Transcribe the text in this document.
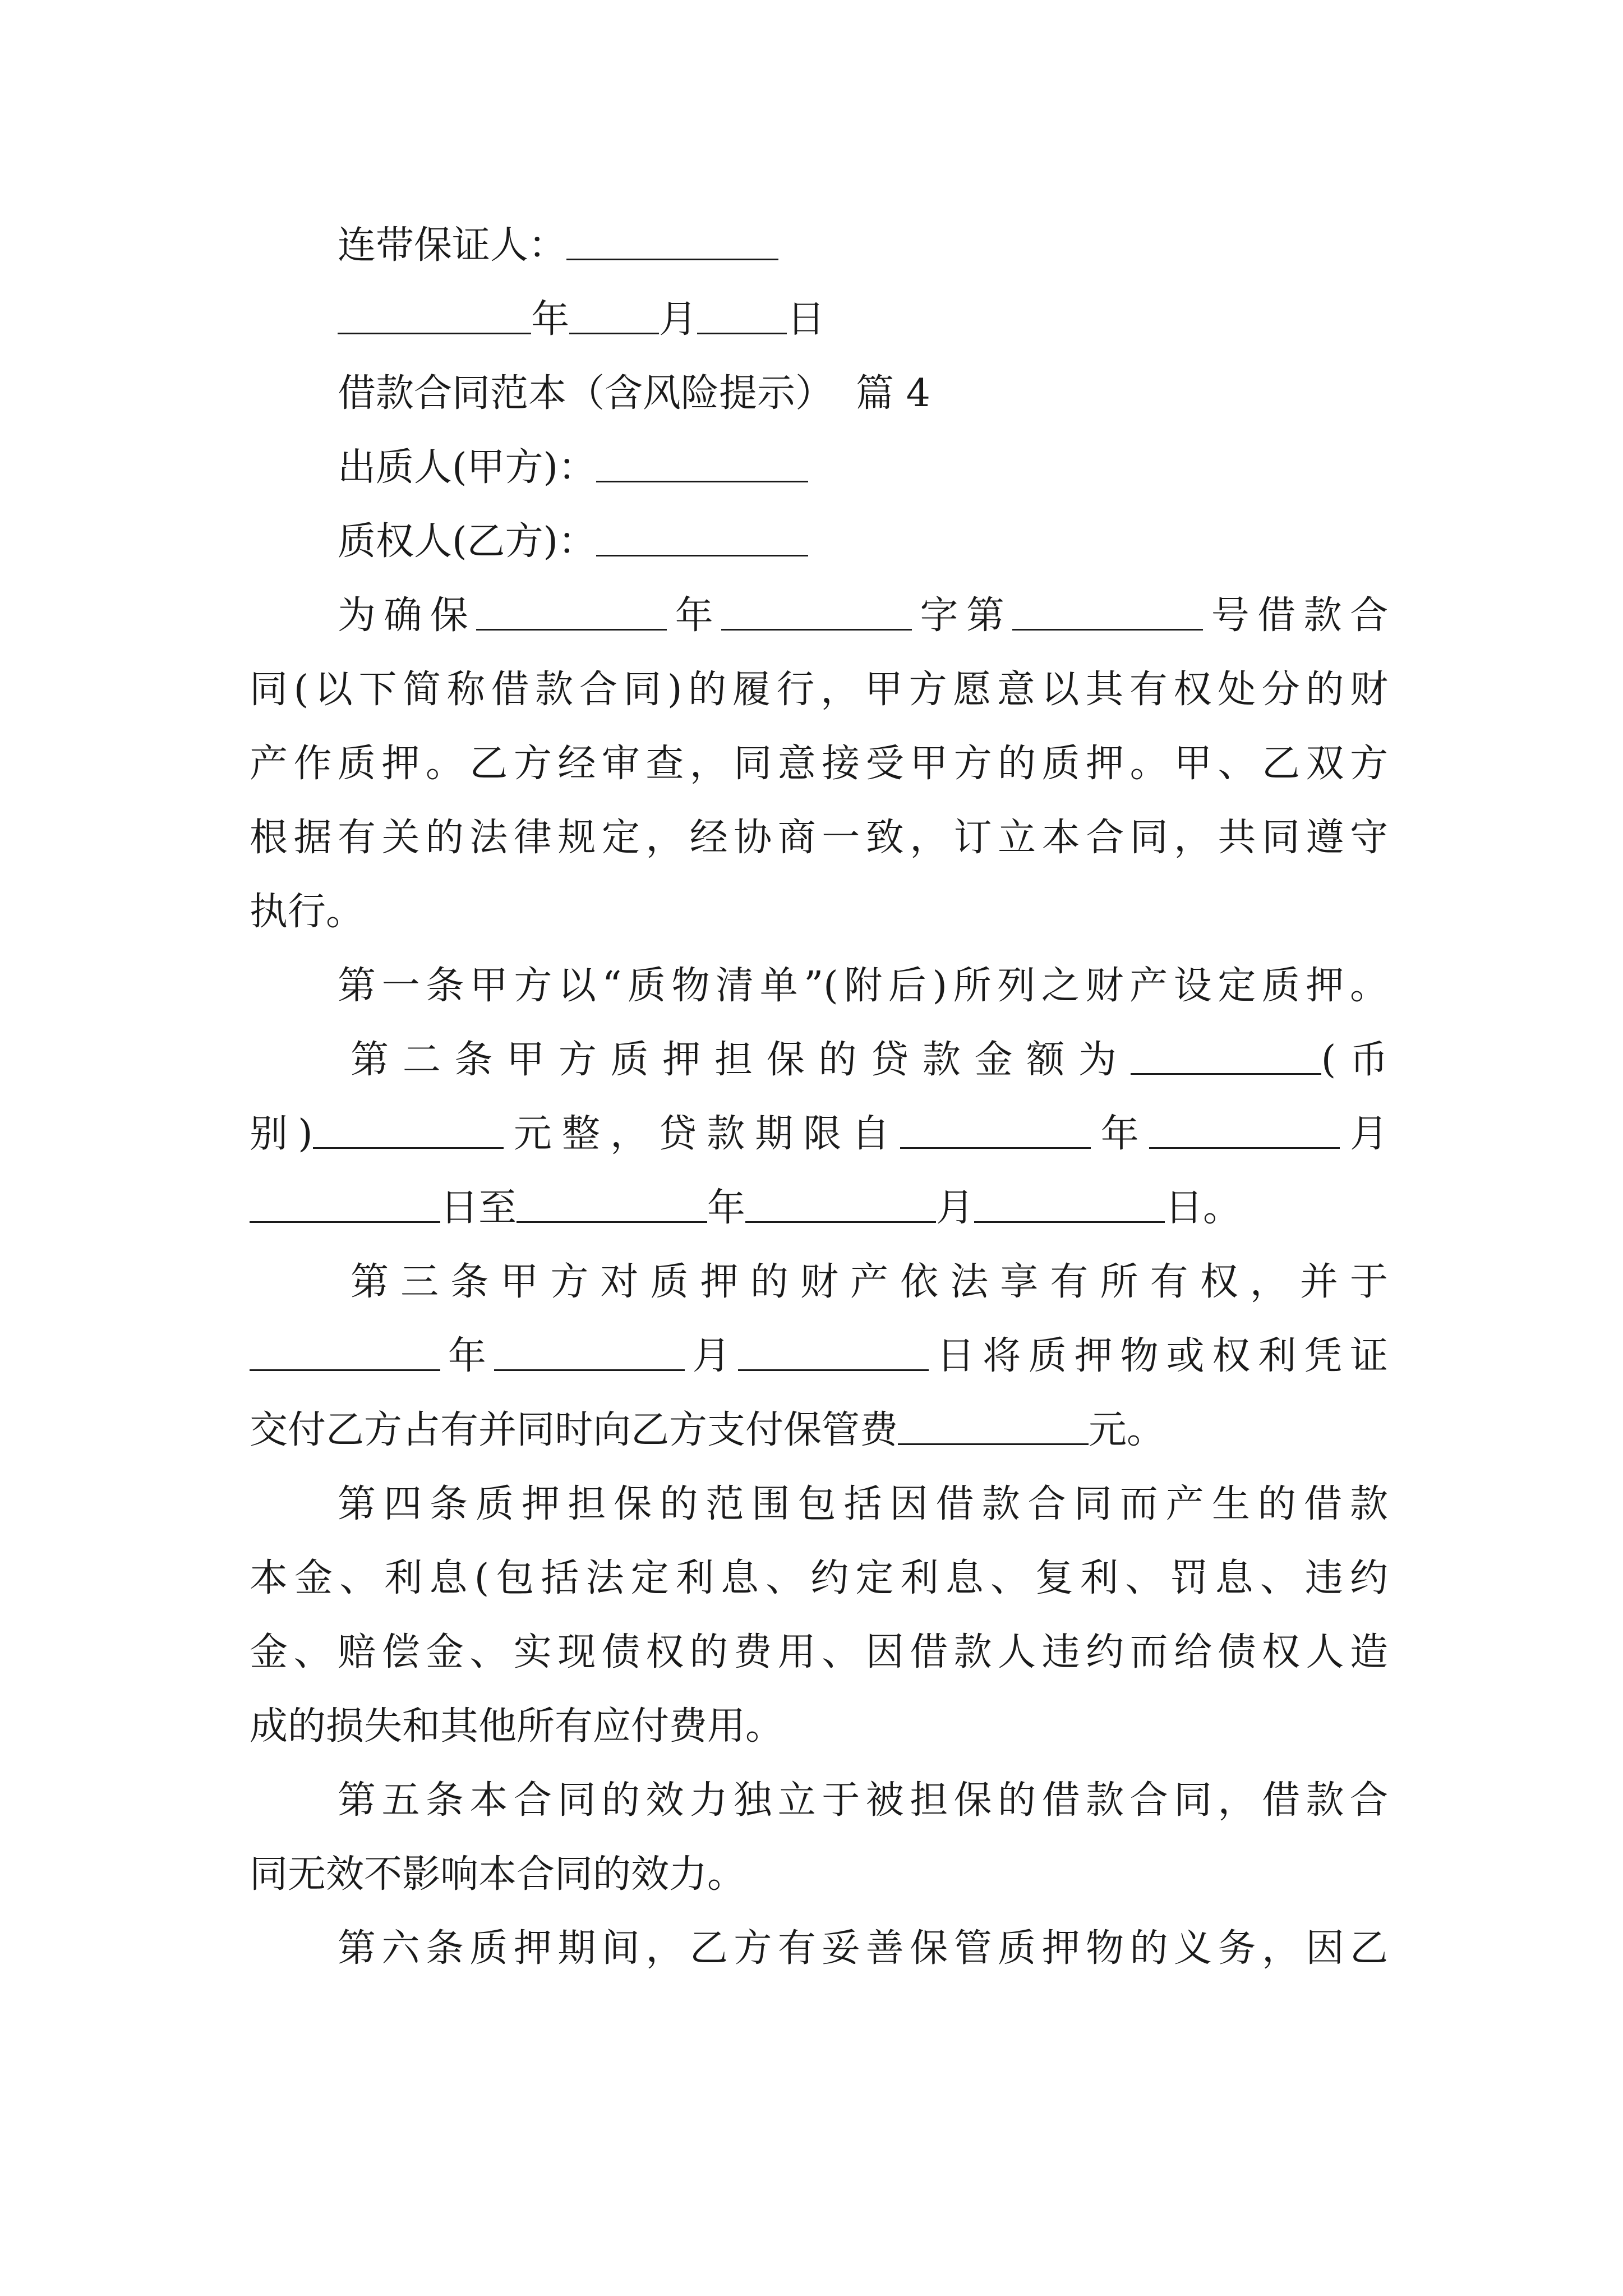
连带保证人：
年 月 日
借款合同范本（含风险提示） 篇 4
出质人(甲方)：
质权人(乙方)：
为确保	年	字第	号借款合
同(以下简称借款合同)的履行，甲方愿意以其有权处分的财
产作质押。乙方经审查，同意接受甲方的质押。甲、乙双方
根据有关的法律规定，经协商一致，订立本合同，共同遵守
执行。
第一条甲方以“质物清单”(附后)所列之财产设定质押。
第二条甲方质押担保的贷款金额为	(币
别)	元整，贷款期限自	年	月
日至	年	月	日。
第三条甲方对质押的财产依法享有所有权，并于
年	月	日将质押物或权利凭证
交付乙方占有并同时向乙方支付保管费	元。
第四条质押担保的范围包括因借款合同而产生的借款
本金、利息(包括法定利息、约定利息、复利、罚息、违约
金、赔偿金、实现债权的费用、因借款人违约而给债权人造
成的损失和其他所有应付费用。
第五条本合同的效力独立于被担保的借款合同，借款合
同无效不影响本合同的效力。
第六条质押期间，乙方有妥善保管质押物的义务，因乙
